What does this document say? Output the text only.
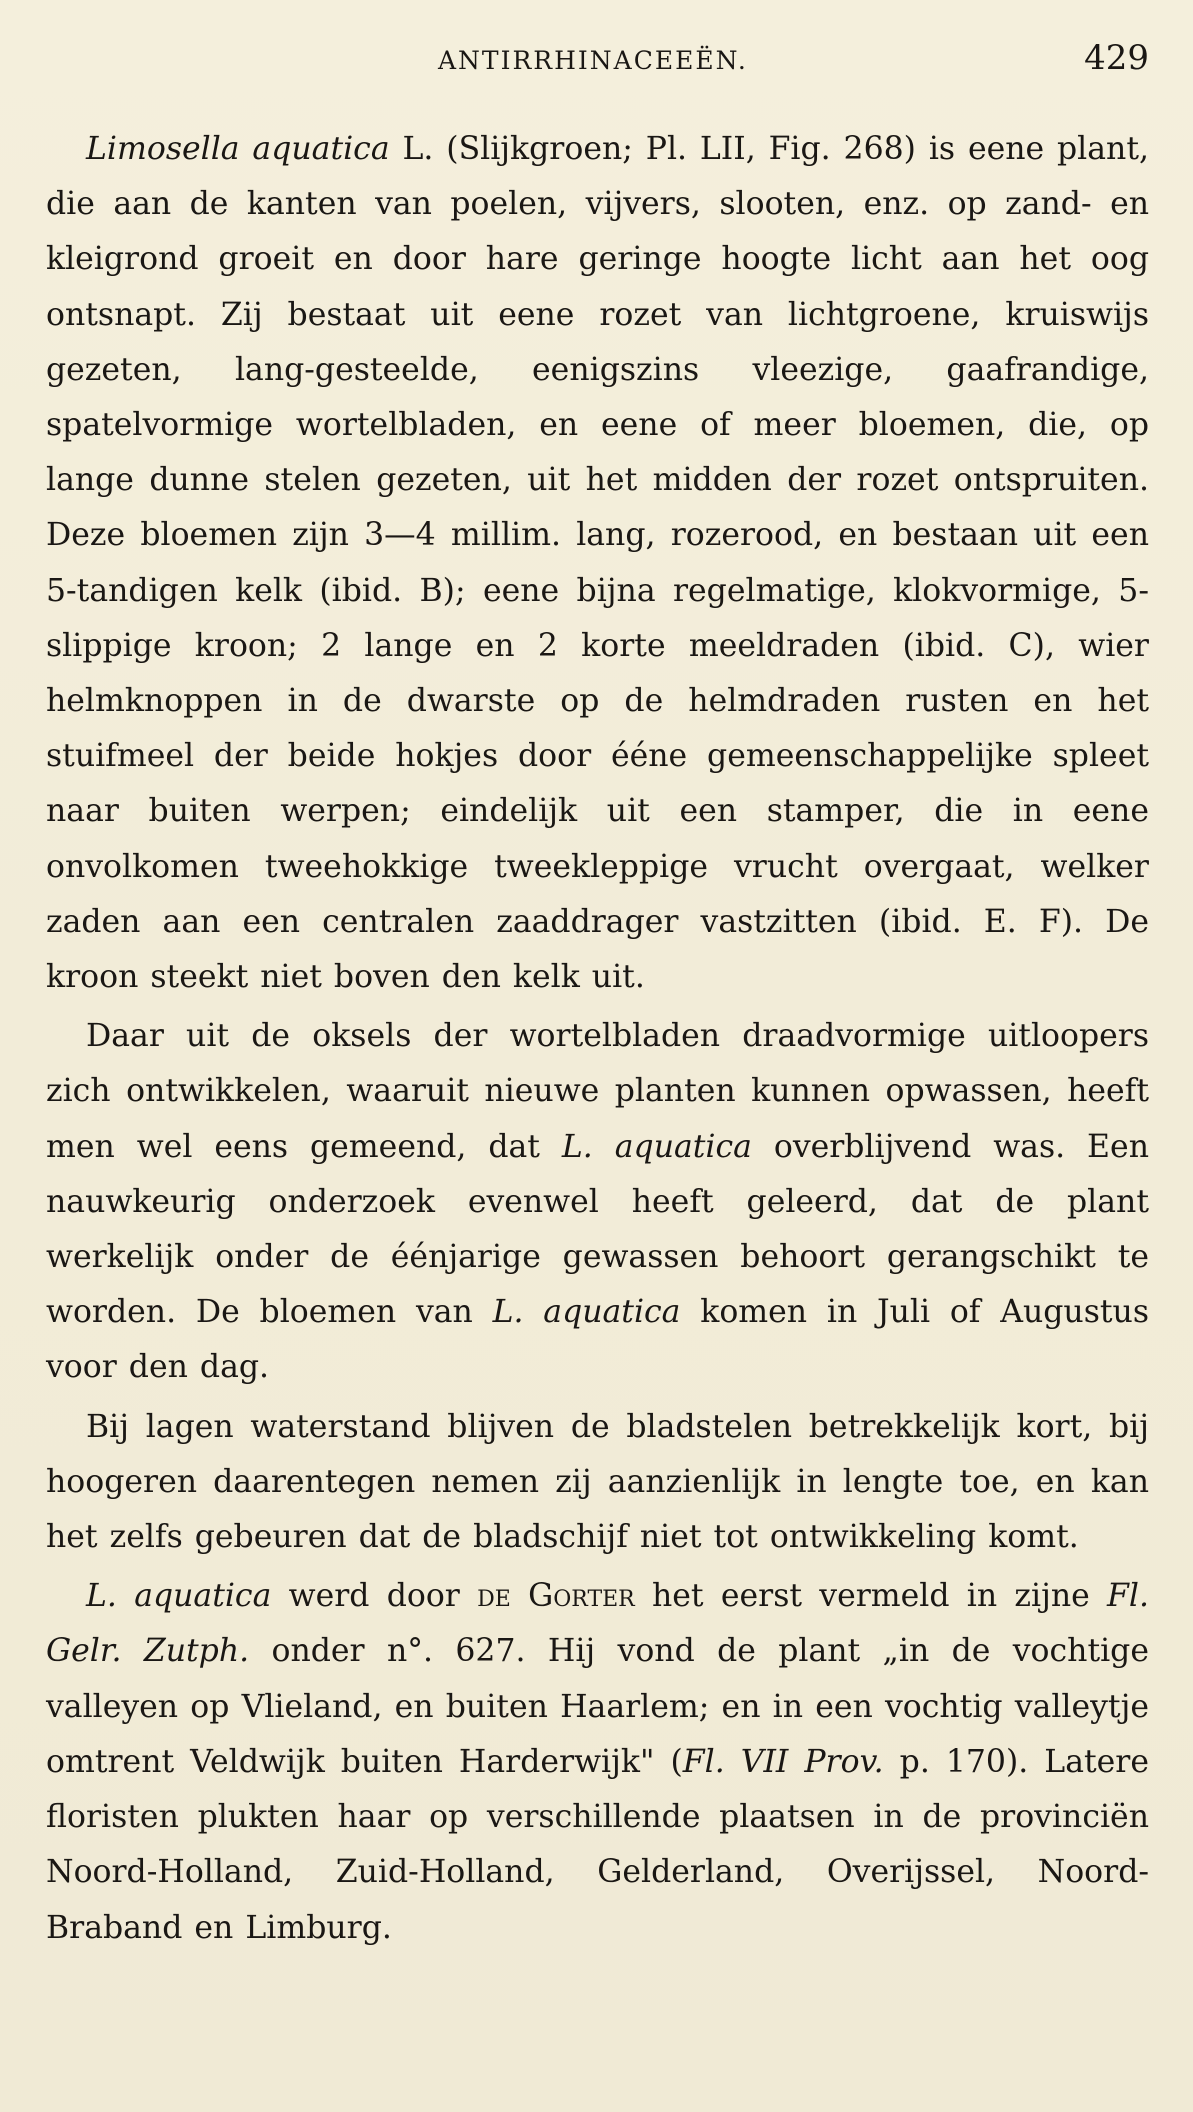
ANTIRRHINACEEËN.	429

Limosella aquatica L. (Slijkgroen; Pl. LII, Fig. 268) is eene plant, die aan de kanten van poelen, vijvers, slooten, enz. op zand- en kleigrond groeit en door hare geringe hoogte licht aan het oog ontsnapt. Zij bestaat uit eene rozet van lichtgroene, kruiswijs gezeten, lang-gesteelde, eenigszins vleezige, gaafrandige, spatelvormige wortelbladen, en eene of meer bloemen, die, op lange dunne stelen gezeten, uit het midden der rozet ontspruiten. Deze bloemen zijn 3—4 millim. lang, rozerood, en bestaan uit een 5-tandigen kelk (ibid. B); eene bijna regelmatige, klokvormige, 5-slippige kroon; 2 lange en 2 korte meeldraden (ibid. C), wier helmknoppen in de dwarste op de helmdraden rusten en het stuifmeel der beide hokjes door ééne gemeenschappelijke spleet naar buiten werpen; eindelijk uit een stamper, die in eene onvolkomen tweehokkige tweekleppige vrucht overgaat, welker zaden aan een centralen zaaddrager vastzitten (ibid. E. F). De kroon steekt niet boven den kelk uit.

Daar uit de oksels der wortelbladen draadvormige uitloopers zich ontwikkelen, waaruit nieuwe planten kunnen opwassen, heeft men wel eens gemeend, dat L. aquatica overblijvend was. Een nauwkeurig onderzoek evenwel heeft geleerd, dat de plant werkelijk onder de éénjarige gewassen behoort gerangschikt te worden. De bloemen van L. aquatica komen in Juli of Augustus voor den dag.

Bij lagen waterstand blijven de bladstelen betrekkelijk kort, bij hoogeren daarentegen nemen zij aanzienlijk in lengte toe, en kan het zelfs gebeuren dat de bladschijf niet tot ontwikkeling komt.

L. aquatica werd door de Gorter het eerst vermeld in zijne Fl. Gelr. Zutph. onder n°. 627. Hij vond de plant „in de vochtige valleyen op Vlieland, en buiten Haarlem; en in een vochtig valleytje omtrent Veldwijk buiten Harderwijk" (Fl. VII Prov. p. 170). Latere floristen plukten haar op verschillende plaatsen in de provinciën Noord-Holland, Zuid-Holland, Gelderland, Overijssel, Noord-Braband en Limburg.
